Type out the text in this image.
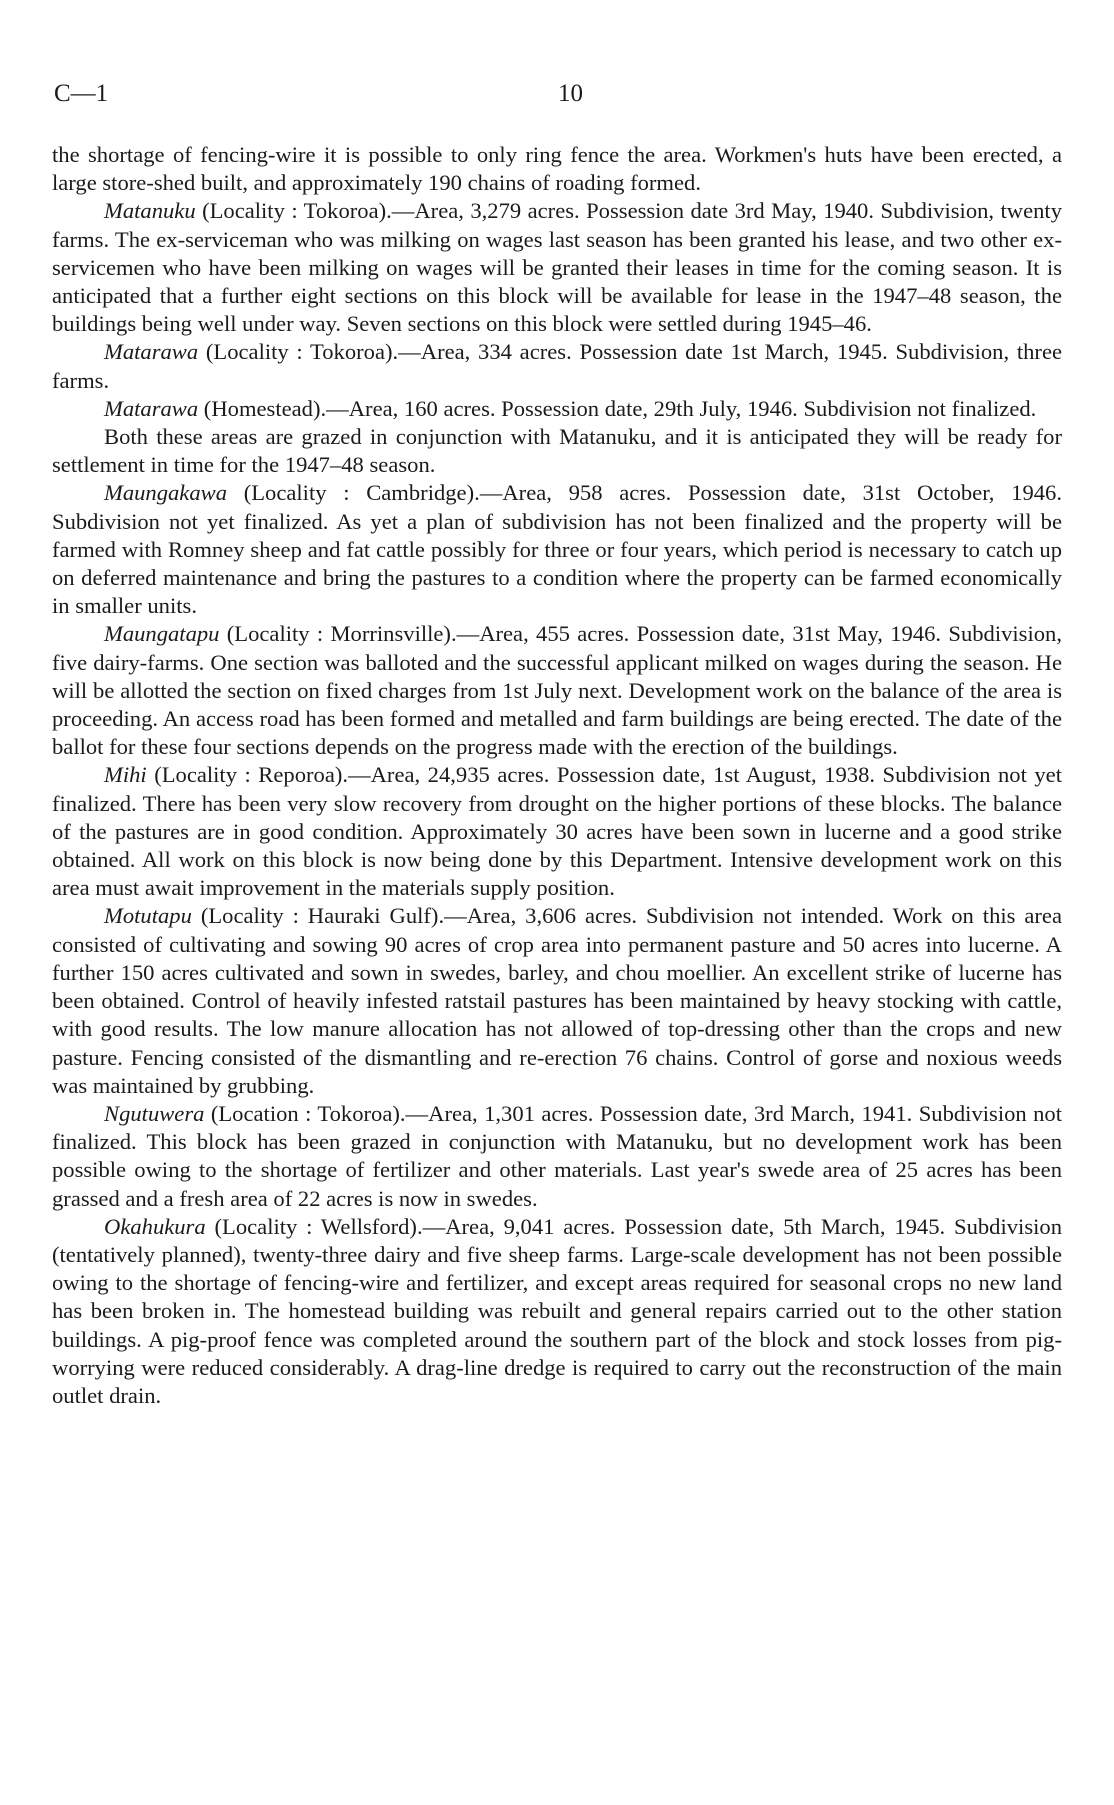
C—1	10

the shortage of fencing-wire it is possible to only ring fence the area. Workmen's huts have been erected, a large store-shed built, and approximately 190 chains of roading formed.

Matanuku (Locality : Tokoroa).—Area, 3,279 acres. Possession date 3rd May, 1940. Subdivision, twenty farms. The ex-serviceman who was milking on wages last season has been granted his lease, and two other ex-servicemen who have been milking on wages will be granted their leases in time for the coming season. It is anticipated that a further eight sections on this block will be available for lease in the 1947–48 season, the buildings being well under way. Seven sections on this block were settled during 1945–46.

Matarawa (Locality : Tokoroa).—Area, 334 acres. Possession date 1st March, 1945. Subdivision, three farms.

Matarawa (Homestead).—Area, 160 acres. Possession date, 29th July, 1946. Subdivision not finalized.

Both these areas are grazed in conjunction with Matanuku, and it is anticipated they will be ready for settlement in time for the 1947–48 season.

Maungakawa (Locality : Cambridge).—Area, 958 acres. Possession date, 31st October, 1946. Subdivision not yet finalized. As yet a plan of subdivision has not been finalized and the property will be farmed with Romney sheep and fat cattle possibly for three or four years, which period is necessary to catch up on deferred maintenance and bring the pastures to a condition where the property can be farmed economically in smaller units.

Maungatapu (Locality : Morrinsville).—Area, 455 acres. Possession date, 31st May, 1946. Subdivision, five dairy-farms. One section was balloted and the successful applicant milked on wages during the season. He will be allotted the section on fixed charges from 1st July next. Development work on the balance of the area is proceeding. An access road has been formed and metalled and farm buildings are being erected. The date of the ballot for these four sections depends on the progress made with the erection of the buildings.

Mihi (Locality : Reporoa).—Area, 24,935 acres. Possession date, 1st August, 1938. Subdivision not yet finalized. There has been very slow recovery from drought on the higher portions of these blocks. The balance of the pastures are in good condition. Approximately 30 acres have been sown in lucerne and a good strike obtained. All work on this block is now being done by this Department. Intensive development work on this area must await improvement in the materials supply position.

Motutapu (Locality : Hauraki Gulf).—Area, 3,606 acres. Subdivision not intended. Work on this area consisted of cultivating and sowing 90 acres of crop area into permanent pasture and 50 acres into lucerne. A further 150 acres cultivated and sown in swedes, barley, and chou moellier. An excellent strike of lucerne has been obtained. Control of heavily infested ratstail pastures has been maintained by heavy stocking with cattle, with good results. The low manure allocation has not allowed of top-dressing other than the crops and new pasture. Fencing consisted of the dismantling and re-erection 76 chains. Control of gorse and noxious weeds was maintained by grubbing.

Ngutuwera (Location : Tokoroa).—Area, 1,301 acres. Possession date, 3rd March, 1941. Subdivision not finalized. This block has been grazed in conjunction with Matanuku, but no development work has been possible owing to the shortage of fertilizer and other materials. Last year's swede area of 25 acres has been grassed and a fresh area of 22 acres is now in swedes.

Okahukura (Locality : Wellsford).—Area, 9,041 acres. Possession date, 5th March, 1945. Subdivision (tentatively planned), twenty-three dairy and five sheep farms. Large-scale development has not been possible owing to the shortage of fencing-wire and fertilizer, and except areas required for seasonal crops no new land has been broken in. The homestead building was rebuilt and general repairs carried out to the other station buildings. A pig-proof fence was completed around the southern part of the block and stock losses from pig-worrying were reduced considerably. A drag-line dredge is required to carry out the reconstruction of the main outlet drain.
